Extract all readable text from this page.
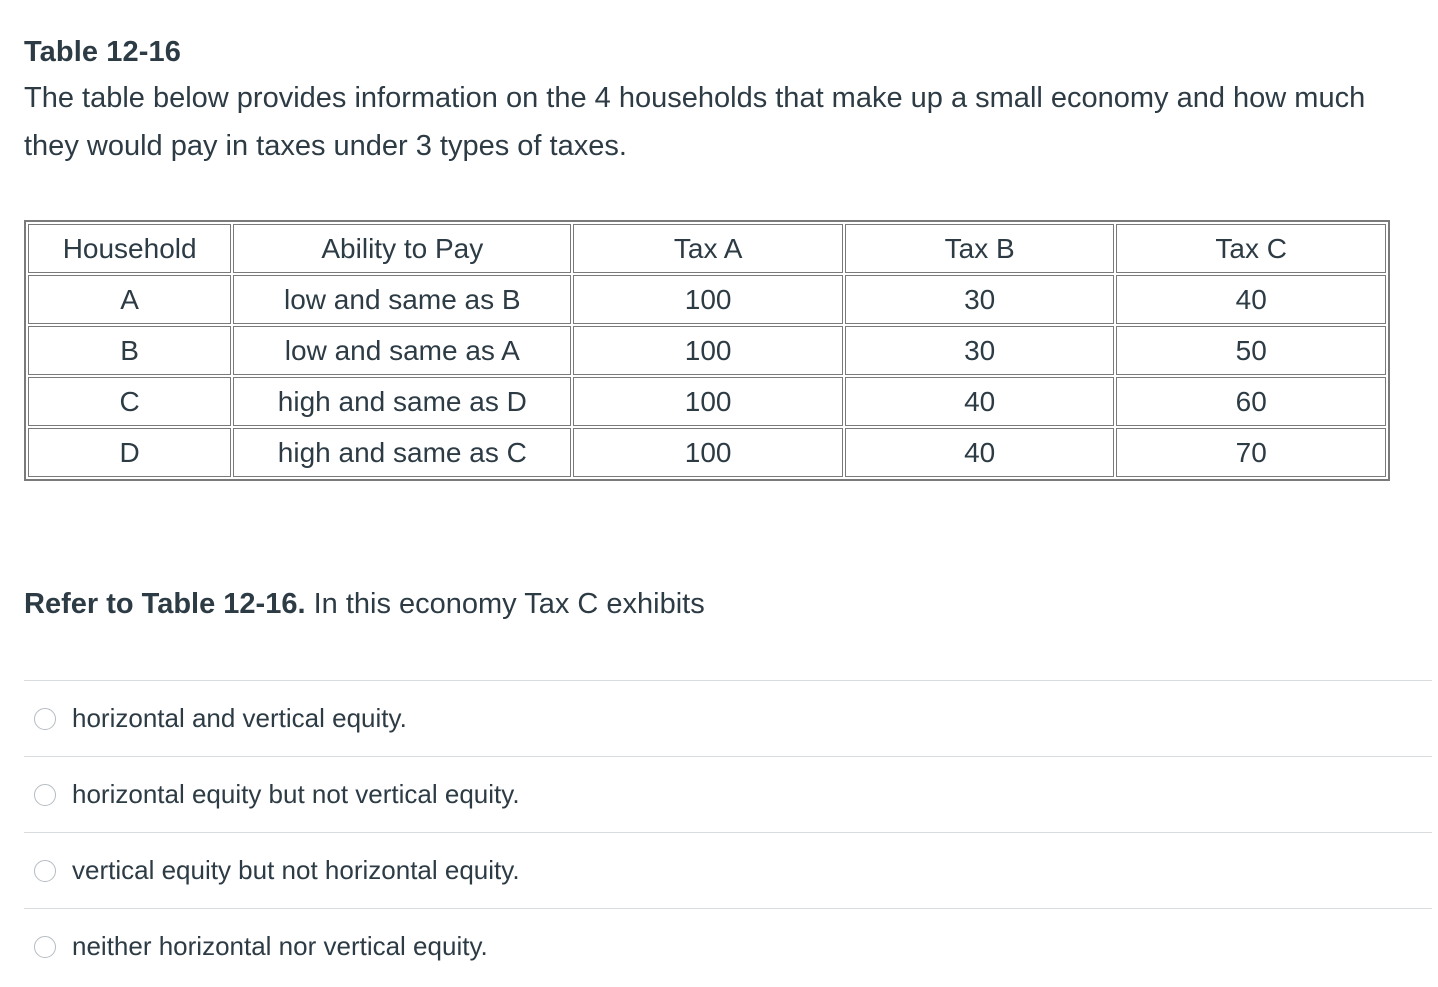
Table 12-16

The table below provides information on the 4 households that make up a small economy and how much they would pay in taxes under 3 types of taxes.

Household	Ability to Pay	Tax A	Tax B	Tax C
A	low and same as B	100	30	40
B	low and same as A	100	30	50
C	high and same as D	100	40	60
D	high and same as C	100	40	70

Refer to Table 12-16. In this economy Tax C exhibits

horizontal and vertical equity.
horizontal equity but not vertical equity.
vertical equity but not horizontal equity.
neither horizontal nor vertical equity.
